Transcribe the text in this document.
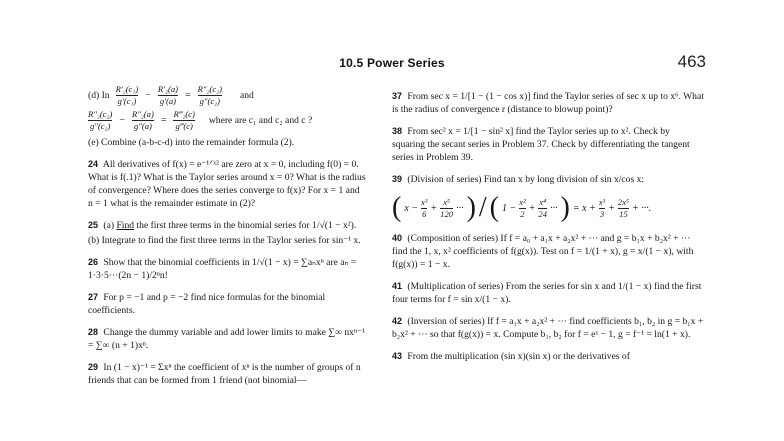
10.5 Power Series	463
(d) In $\frac{\text{R′₂(c₁)}}{\text{g′(c₁)}} - \frac{\text{R′₂(a)}}{g'(a)} = \frac{\text{R″₂(c₂)}}{\text{g″(c₂)}}$ and
$\frac{\text{R″₂(c₂)}}{\text{g″(c₂)}} - \frac{\text{R″₂(a)}}{g''(a)} = \frac{\text{R‴₂(c)}}{g‴(c)}$ where are c₁ and c₂ and c ?

(e) Combine (a-b-c-d) into the remainder formula (2).

24 All derivatives of f(x) = e⁻¹ᐟˣ² are zero at x = 0, including f(0) = 0. What is f(.1)? What is the Taylor series around x = 0? What is the radius of convergence? Where does the series converge to f(x)? For x = 1 and n = 1 what is the remainder estimate in (2)?

25 (a) Find the first three terms in the binomial series for 1/√(1 − x²).

(b) Integrate to find the first three terms in the Taylor series for sin⁻¹ x.

26 Show that the binomial coefficients in 1/√(1 − x) = ∑aₙxⁿ are aₙ = 1·3·5···(2n − 1)/2ⁿn!

27 For p = −1 and p = −2 find nice formulas for the binomial coefficients.

28 Change the dummy variable and add lower limits to make ∑∞ nxⁿ⁻¹ = ∑∞ (n + 1)xⁿ.

29 In (1 − x)⁻¹ = Σxⁿ the coefficient of xⁿ is the number of groups of n friends that can be formed from 1 friend (not binomial—

37 From sec x = 1/[1 − (1 − cos x)] find the Taylor series of sec x up to x⁶. What is the radius of convergence r (distance to blowup point)?

38 From sec² x = 1/[1 − sin² x] find the Taylor series up to x². Check by squaring the secant series in Problem 37. Check by differentiating the tangent series in Problem 39.

39 (Division of series) Find tan x by long division of sin x/cos x:

( $x - \frac{\text{x³}}{6} + \frac{\text{x⁵}}{120}$ ··· ) / ( $1 - \frac{\text{x²}}{2} + \frac{\text{x⁴}}{24}$ ··· ) = $x + \frac{\text{x³}}{3} + \frac{\text{2x⁵}}{15}$ + ···.

40 (Composition of series) If f = a₀ + a₁x + a₂x² + ··· and g = b₁x + b₂x² + ··· find the 1, x, x² coefficients of f(g(x)). Test on f = 1/(1 + x), g = x/(1 − x), with f(g(x)) = 1 − x.

41 (Multiplication of series) From the series for sin x and 1/(1 − x) find the first four terms for f = sin x/(1 − x).

42 (Inversion of series) If f = a₁x + a₂x² + ··· find coefficients b₁, b₂ in g = b₁x + b₂x² + ··· so that f(g(x)) = x. Compute b₁, b₂ for f = eˣ − 1, g = f⁻¹ = ln(1 + x).

43 From the multiplication (sin x)(sin x) or the derivatives of
